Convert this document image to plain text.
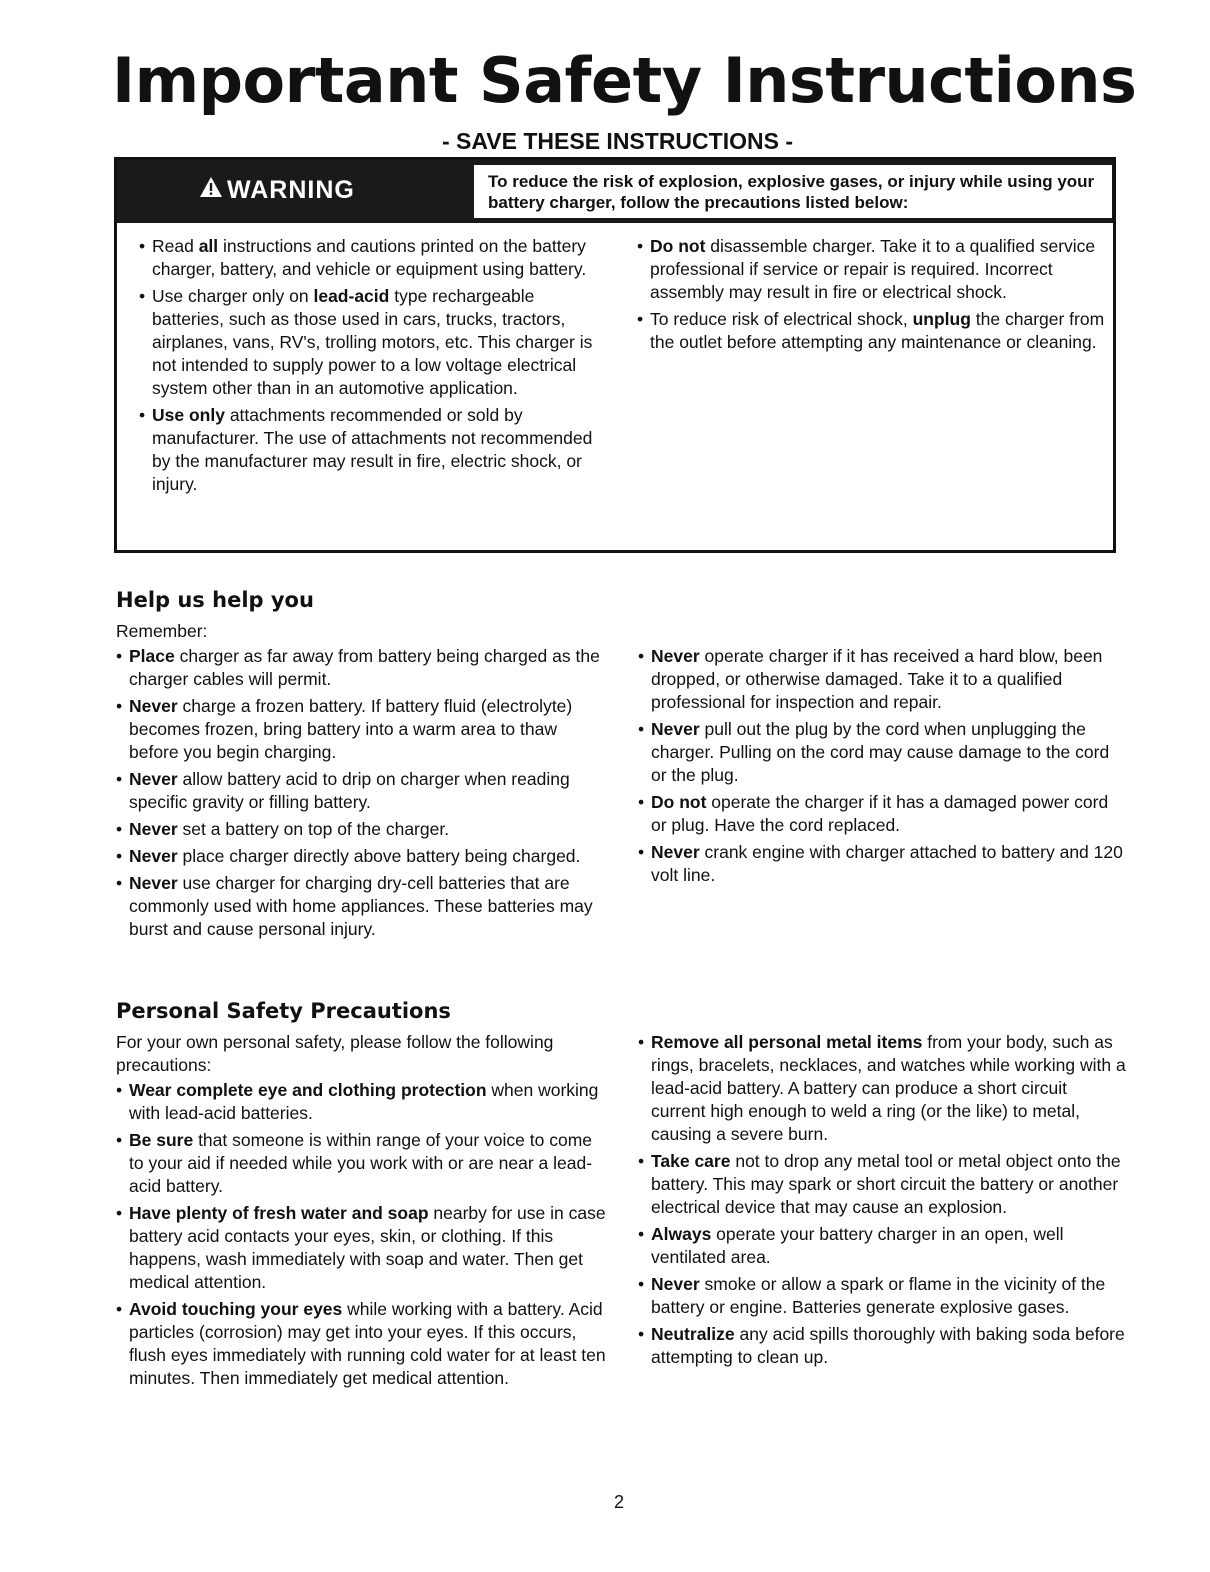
Important Safety Instructions
- SAVE THESE INSTRUCTIONS -
WARNING	To reduce the risk of explosion, explosive gases, or injury while using your battery charger, follow the precautions listed below:
• Read all instructions and cautions printed on the battery charger, battery, and vehicle or equipment using battery.
• Use charger only on lead-acid type rechargeable batteries, such as those used in cars, trucks, tractors, airplanes, vans, RV's, trolling motors, etc. This charger is not intended to supply power to a low voltage electrical system other than in an automotive application.
• Use only attachments recommended or sold by manufacturer. The use of attachments not recommended by the manufacturer may result in fire, electric shock, or injury.
• Do not disassemble charger. Take it to a qualified service professional if service or repair is required. Incorrect assembly may result in fire or electrical shock.
• To reduce risk of electrical shock, unplug the charger from the outlet before attempting any maintenance or cleaning.
Help us help you

Remember:

• Place charger as far away from battery being charged as the charger cables will permit.
• Never charge a frozen battery. If battery fluid (electrolyte) becomes frozen, bring battery into a warm area to thaw before you begin charging.
• Never allow battery acid to drip on charger when reading specific gravity or filling battery.
• Never set a battery on top of the charger.
• Never place charger directly above battery being charged.
• Never use charger for charging dry-cell batteries that are commonly used with home appliances. These batteries may burst and cause personal injury.
• Never operate charger if it has received a hard blow, been dropped, or otherwise damaged. Take it to a qualified professional for inspection and repair.
• Never pull out the plug by the cord when unplugging the charger. Pulling on the cord may cause damage to the cord or the plug.
• Do not operate the charger if it has a damaged power cord or plug. Have the cord replaced.
• Never crank engine with charger attached to battery and 120 volt line.
Personal Safety Precautions

For your own personal safety, please follow the following precautions:

• Wear complete eye and clothing protection when working with lead-acid batteries.
• Be sure that someone is within range of your voice to come to your aid if needed while you work with or are near a lead-acid battery.
• Have plenty of fresh water and soap nearby for use in case battery acid contacts your eyes, skin, or clothing. If this happens, wash immediately with soap and water. Then get medical attention.
• Avoid touching your eyes while working with a battery. Acid particles (corrosion) may get into your eyes. If this occurs, flush eyes immediately with running cold water for at least ten minutes. Then immediately get medical attention.
• Remove all personal metal items from your body, such as rings, bracelets, necklaces, and watches while working with a lead-acid battery. A battery can produce a short circuit current high enough to weld a ring (or the like) to metal, causing a severe burn.
• Take care not to drop any metal tool or metal object onto the battery. This may spark or short circuit the battery or another electrical device that may cause an explosion.
• Always operate your battery charger in an open, well ventilated area.
• Never smoke or allow a spark or flame in the vicinity of the battery or engine. Batteries generate explosive gases.
• Neutralize any acid spills thoroughly with baking soda before attempting to clean up.
2
